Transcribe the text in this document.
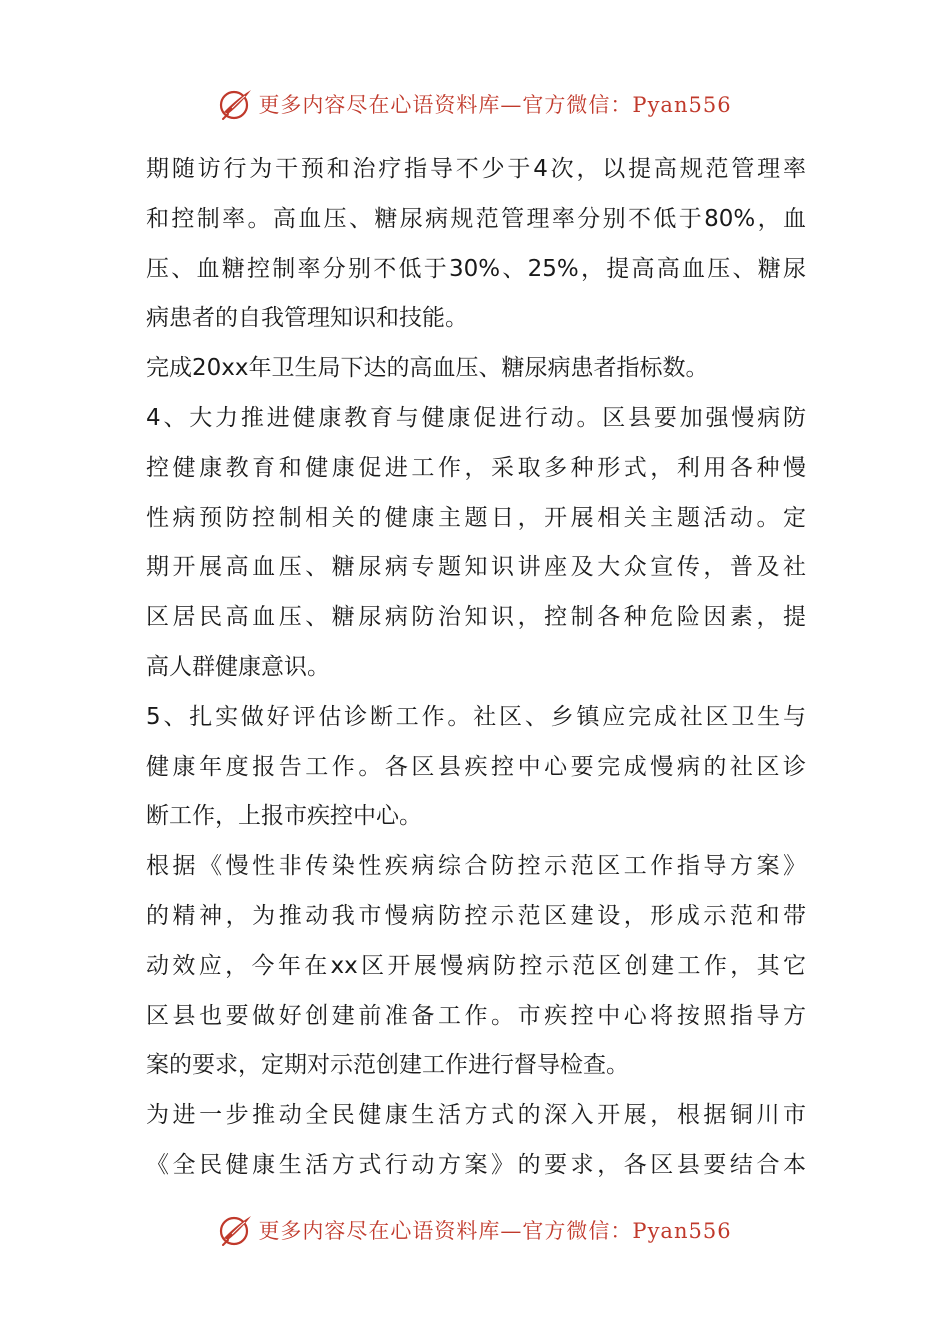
更多内容尽在心语资料库—官方微信：Pyan556
期随访行为干预和治疗指导不少于4次，以提高规范管理率
和控制率。高血压、糖尿病规范管理率分别不低于80%，血
压、血糖控制率分别不低于30%、25%，提高高血压、糖尿
病患者的自我管理知识和技能。
完成20xx年卫生局下达的高血压、糖尿病患者指标数。
4、大力推进健康教育与健康促进行动。区县要加强慢病防
控健康教育和健康促进工作，采取多种形式，利用各种慢
性病预防控制相关的健康主题日，开展相关主题活动。定
期开展高血压、糖尿病专题知识讲座及大众宣传，普及社
区居民高血压、糖尿病防治知识，控制各种危险因素，提
高人群健康意识。
5、扎实做好评估诊断工作。社区、乡镇应完成社区卫生与
健康年度报告工作。各区县疾控中心要完成慢病的社区诊
断工作，上报市疾控中心。
根据《慢性非传染性疾病综合防控示范区工作指导方案》
的精神，为推动我市慢病防控示范区建设，形成示范和带
动效应，今年在xx区开展慢病防控示范区创建工作，其它
区县也要做好创建前准备工作。市疾控中心将按照指导方
案的要求，定期对示范创建工作进行督导检查。
为进一步推动全民健康生活方式的深入开展，根据铜川市
《全民健康生活方式行动方案》的要求，各区县要结合本
更多内容尽在心语资料库—官方微信：Pyan556
